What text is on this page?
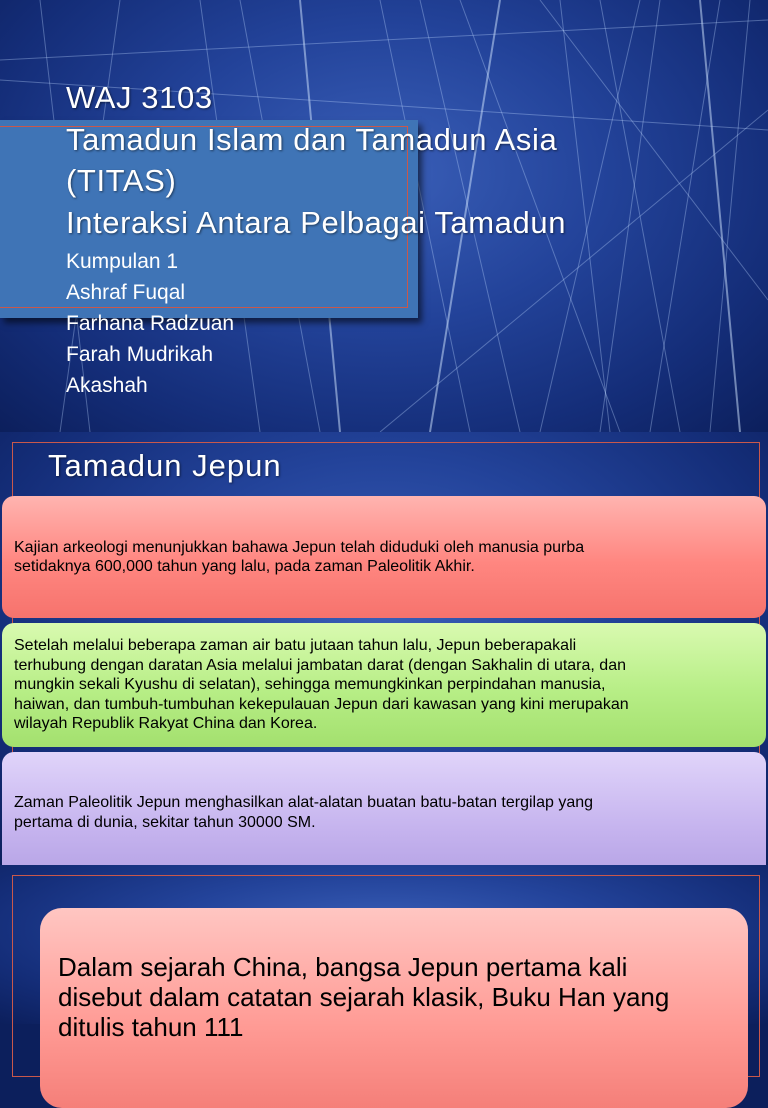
WAJ 3103
Tamadun Islam dan Tamadun Asia
(TITAS)
Interaksi Antara Pelbagai Tamadun
Kumpulan 1
Ashraf Fuqal
Farhana Radzuan
Farah Mudrikah
Akashah
Tamadun Jepun
Kajian arkeologi menunjukkan bahawa Jepun telah diduduki oleh manusia purba
setidaknya 600,000 tahun yang lalu, pada zaman Paleolitik Akhir.
Setelah melalui beberapa zaman air batu jutaan tahun lalu, Jepun beberapakali
terhubung dengan daratan Asia melalui jambatan darat (dengan Sakhalin di utara, dan
mungkin sekali Kyushu di selatan), sehingga memungkinkan perpindahan manusia,
haiwan, dan tumbuh-tumbuhan kekepulauan Jepun dari kawasan yang kini merupakan
wilayah Republik Rakyat China dan Korea.
Zaman Paleolitik Jepun menghasilkan alat-alatan buatan batu-batan tergilap yang
pertama di dunia, sekitar tahun 30000 SM.
Dalam sejarah China, bangsa Jepun pertama kali
disebut dalam catatan sejarah klasik, Buku Han yang
ditulis tahun 111
